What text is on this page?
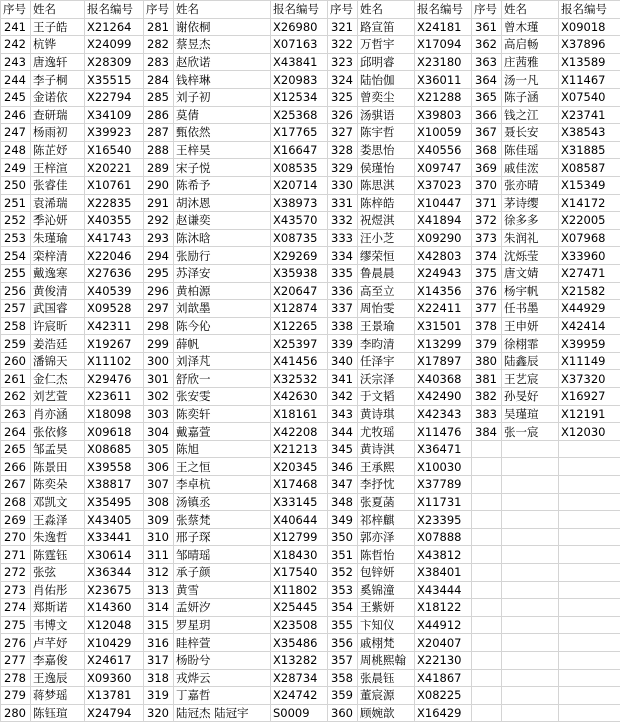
序号	姓名	报名编号	序号	姓名	报名编号	序号	姓名	报名编号	序号	姓名	报名编号
241	王子皓	X21264	281	谢依桐	X26980	321	路宣笛	X24181	361	曾木瑾	X09018
242	杭铧	X24099	282	蔡昱杰	X07163	322	万哲宇	X17094	362	高启畅	X37896
243	唐逸轩	X28309	283	赵欣诺	X43841	323	邱明睿	X23180	363	庄茜雅	X13589
244	李子桐	X35515	284	钱梓琳	X20983	324	陆怡伽	X36011	364	汤一凡	X11467
245	金诺依	X22794	285	刘子初	X12534	325	曾奕尘	X21288	365	陈子涵	X07540
246	查研瑞	X34109	286	莫倩	X25368	326	汤骐语	X39803	366	钱之江	X23741
247	杨雨初	X39923	287	甄依然	X17765	327	陈宇哲	X10059	367	聂长安	X38543
248	陈芷妤	X16540	288	王梓昊	X16647	328	娄思怡	X40556	368	陈佳瑶	X31885
249	王梓渲	X20221	289	宋子悦	X08535	329	侯瑾怡	X09747	369	戚佳浤	X08587
250	张睿佳	X10761	290	陈希予	X20714	330	陈思淇	X37023	370	张亦晴	X15349
251	袁浠瑞	X22835	291	胡沐恩	X38973	331	陈梓皓	X10447	371	茅诗缨	X14172
252	季沁妍	X40355	292	赵谦奕	X43570	332	祝煜淇	X41894	372	徐多多	X22005
253	朱瑾瑜	X41743	293	陈沐晗	X08735	333	汪小芝	X09290	373	朱润礼	X07968
254	栾梓清	X22046	294	张励行	X29269	334	缪荣恒	X42803	374	沈烁莹	X33960
255	戴逸寒	X27636	295	苏泽安	X35938	335	鲁晨晨	X24943	375	唐文婧	X27471
256	黄俊清	X40539	296	黄柏源	X20647	336	高至立	X14356	376	杨宇帆	X21582
257	武国睿	X09528	297	刘歆墨	X12874	337	周怡雯	X22411	377	任书墨	X44929
258	许宸昕	X42311	298	陈今伈	X12265	338	王景瑜	X31501	378	王申妍	X42414
259	姜浩廷	X19267	299	薛帆	X25397	339	李昀清	X13299	379	徐栩霏	X39959
260	潘锦天	X11102	300	刘泽芃	X41456	340	任泽宇	X17897	380	陆鑫辰	X11149
261	金仁杰	X29476	301	舒欣一	X32532	341	沃宗泽	X40368	381	王艺宸	X37320
262	刘艺萱	X23611	302	张安雯	X42630	342	于文韬	X42490	382	孙旻好	X16927
263	肖亦涵	X18098	303	陈奕轩	X18161	343	黄诗琪	X42343	383	吴瑾瑄	X12191
264	张依修	X09618	304	戴嘉萱	X42208	344	尤牧瑶	X11476	384	张一宸	X12030
265	邹孟昊	X08685	305	陈旭	X21213	345	黄诗淇	X36471			
266	陈景田	X39558	306	王之恒	X20345	346	王承熙	X10030			
267	陈奕朵	X38817	307	李卓杭	X17468	347	李抒忱	X37789			
268	邓凯文	X35495	308	汤镇丞	X33145	348	张夏菡	X11731			
269	王淼泽	X43405	309	张蔡梵	X40644	349	祁梓麒	X23395			
270	朱逸哲	X33441	310	邢子琛	X12799	350	郭亦泽	X07888			
271	陈霆钰	X30614	311	邹晴瑶	X18430	351	陈哲怡	X43812			
272	张弦	X36344	312	承子颜	X17540	352	包锌妍	X38401			
273	肖佑彤	X23675	313	黄雪	X11802	353	奚锦潼	X43444			
274	郑斯诺	X14360	314	孟妍汐	X25445	354	王紫妍	X18122			
275	韦博文	X12048	315	罗星玥	X23508	355	卞知仪	X44912			
276	卢芊妤	X10429	316	眭梓萱	X35486	356	戚栩梵	X20407			
277	李嘉俊	X24617	317	杨盼兮	X13282	357	周桃熙翰	X22130			
278	王逸辰	X09360	318	戎烨云	X28734	358	张晨钰	X41867			
279	蒋梦瑶	X13781	319	丁嘉哲	X24742	359	董宸源	X08225			
280	陈钰瑄	X24794	320	陆冠杰 陆冠宇	S0009	360	顾婉歆	X16429			
